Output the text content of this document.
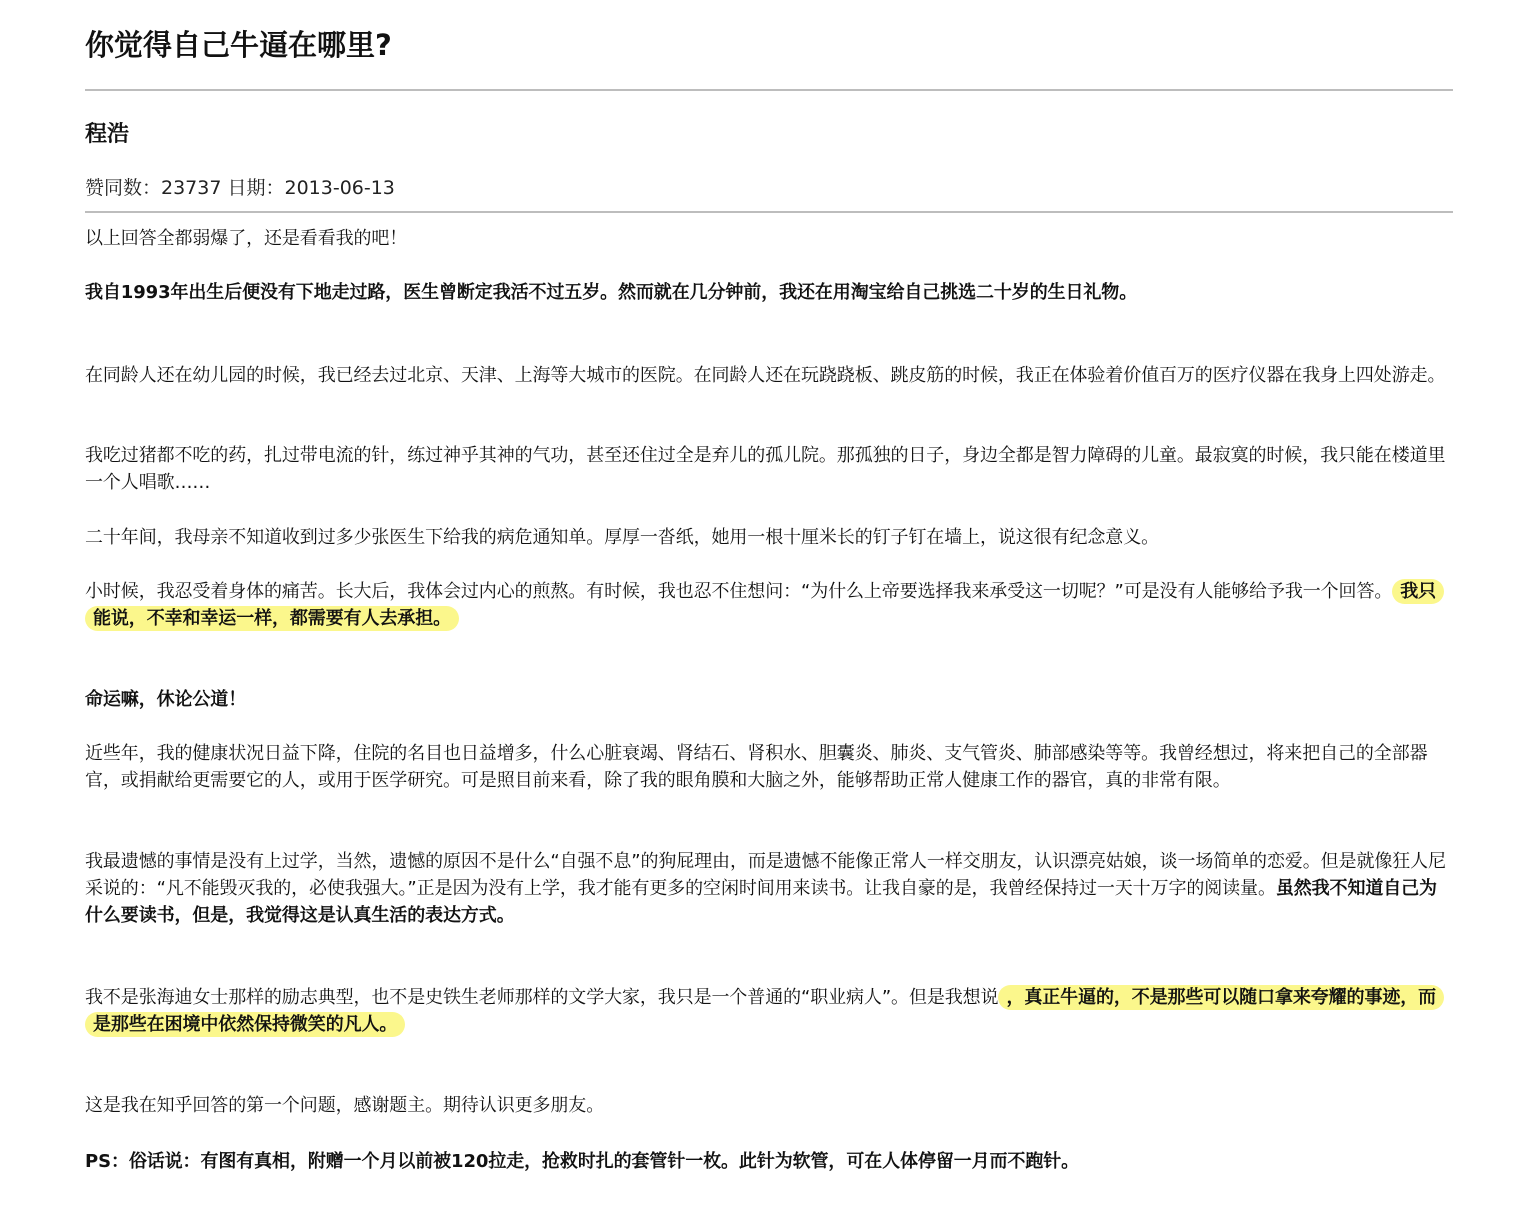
你觉得自己牛逼在哪里?
程浩
赞同数：23737 日期：2013-06-13

以上回答全都弱爆了，还是看看我的吧！

我自1993年出生后便没有下地走过路，医生曾断定我活不过五岁。然而就在几分钟前，我还在用淘宝给自己挑选二十岁的生日礼物。

在同龄人还在幼儿园的时候，我已经去过北京、天津、上海等大城市的医院。在同龄人还在玩跷跷板、跳皮筋的时候，我正在体验着价值百万的医疗仪器在我身上四处游走。

我吃过猪都不吃的药，扎过带电流的针，练过神乎其神的气功，甚至还住过全是弃儿的孤儿院。那孤独的日子，身边全都是智力障碍的儿童。最寂寞的时候，我只能在楼道里一个人唱歌……

二十年间，我母亲不知道收到过多少张医生下给我的病危通知单。厚厚一沓纸，她用一根十厘米长的钉子钉在墙上，说这很有纪念意义。

小时候，我忍受着身体的痛苦。长大后，我体会过内心的煎熬。有时候，我也忍不住想问：“为什么上帝要选择我来承受这一切呢？”可是没有人能够给予我一个回答。 我只能说，不幸和幸运一样，都需要有人去承担。

命运嘛，休论公道！

近些年，我的健康状况日益下降，住院的名目也日益增多，什么心脏衰竭、肾结石、肾积水、胆囊炎、肺炎、支气管炎、肺部感染等等。我曾经想过，将来把自己的全部器官，或捐献给更需要它的人，或用于医学研究。可是照目前来看，除了我的眼角膜和大脑之外，能够帮助正常人健康工作的器官，真的非常有限。

我最遗憾的事情是没有上过学，当然，遗憾的原因不是什么“自强不息”的狗屁理由，而是遗憾不能像正常人一样交朋友，认识漂亮姑娘，谈一场简单的恋爱。但是就像狂人尼采说的：“凡不能毁灭我的，必使我强大。”正是因为没有上学，我才能有更多的空闲时间用来读书。让我自豪的是，我曾经保持过一天十万字的阅读量。虽然我不知道自己为什么要读书，但是，我觉得这是认真生活的表达方式。

我不是张海迪女士那样的励志典型，也不是史铁生老师那样的文学大家，我只是一个普通的“职业病人”。但是我想说 ，真正牛逼的，不是那些可以随口拿来夸耀的事迹，而是那些在困境中依然保持微笑的凡人。

这是我在知乎回答的第一个问题，感谢题主。期待认识更多朋友。

PS：俗话说：有图有真相，附赠一个月以前被120拉走，抢救时扎的套管针一枚。此针为软管，可在人体停留一月而不跑针。
